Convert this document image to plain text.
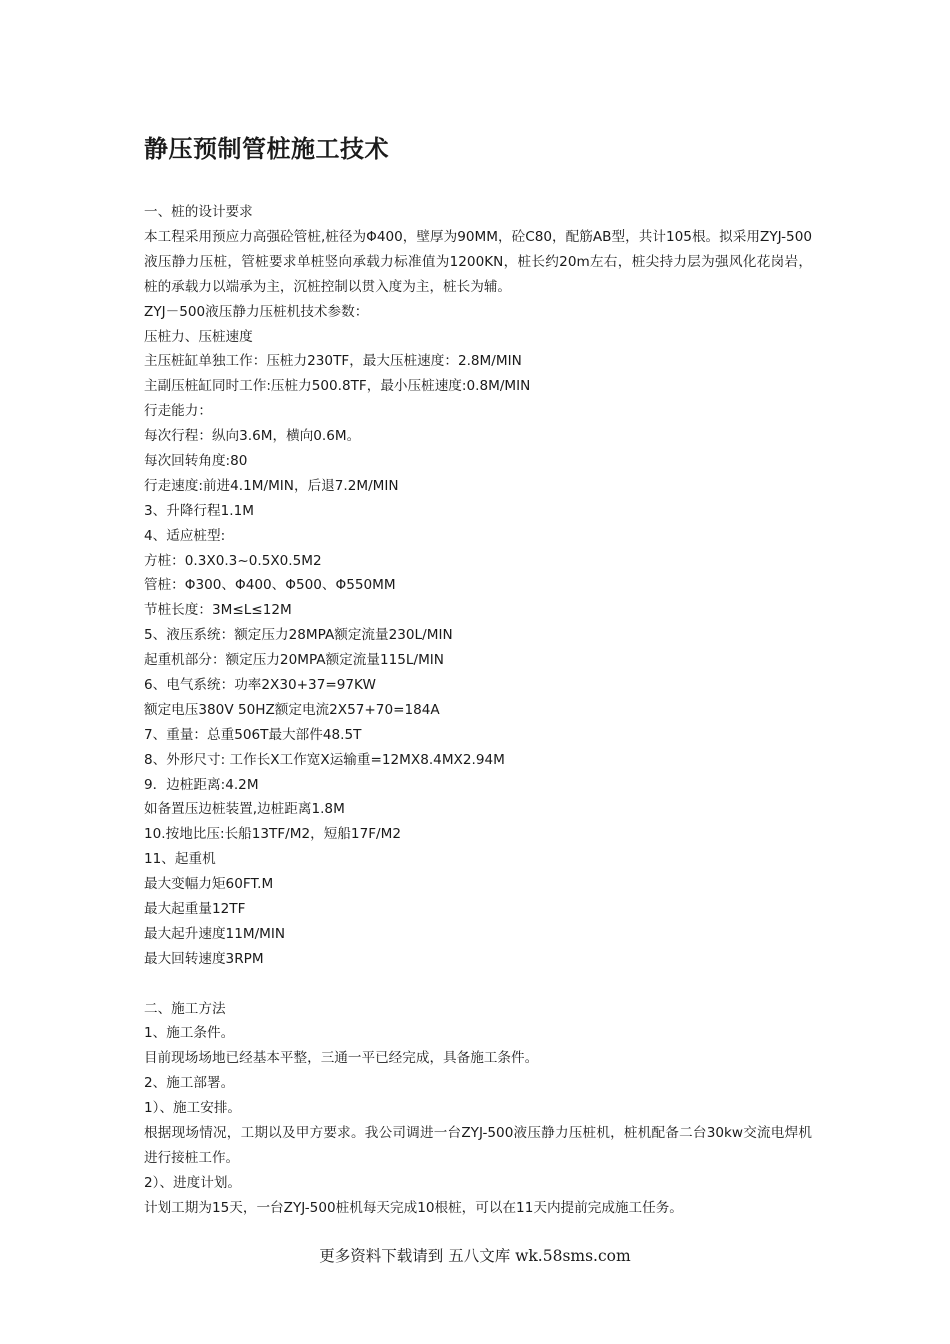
静压预制管桩施工技术
一、桩的设计要求
本工程采用预应力高强砼管桩,桩径为Φ400，壁厚为90MM，砼C80，配筋AB型，共计105根。拟采用ZYJ-500液压静力压桩，管桩要求单桩竖向承载力标准值为1200KN，桩长约20m左右，桩尖持力层为强风化花岗岩，桩的承载力以端承为主，沉桩控制以贯入度为主，桩长为辅。
ZYJ－500液压静力压桩机技术参数：
压桩力、压桩速度
主压桩缸单独工作：压桩力230TF，最大压桩速度：2.8M/MIN
主副压桩缸同时工作:压桩力500.8TF，最小压桩速度:0.8M/MIN
行走能力：
每次行程：纵向3.6M，横向0.6M。
每次回转角度:80
行走速度:前进4.1M/MIN，后退7.2M/MIN
3、升降行程1.1M
4、适应桩型:
方桩：0.3X0.3~0.5X0.5M2
管桩：Φ300、Φ400、Φ500、Φ550MM
节桩长度：3M≤L≤12M
5、液压系统：额定压力28MPA额定流量230L/MIN
起重机部分：额定压力20MPA额定流量115L/MIN
6、电气系统：功率2X30+37=97KW
额定电压380V 50HZ额定电流2X57+70=184A
7、重量：总重506T最大部件48.5T
8、外形尺寸: 工作长X工作宽X运输重=12MX8.4MX2.94M
9．边桩距离:4.2M
如备置压边桩装置,边桩距离1.8M
10.按地比压:长船13TF/M2，短船17F/M2
11、起重机
最大变幅力矩60FT.M
最大起重量12TF
最大起升速度11M/MIN
最大回转速度3RPM
二、施工方法
1、施工条件。
目前现场场地已经基本平整，三通一平已经完成，具备施工条件。
2、施工部署。
1）、施工安排。
根据现场情况，工期以及甲方要求。我公司调进一台ZYJ-500液压静力压桩机，桩机配备二台30kw交流电焊机进行接桩工作。
2）、进度计划。
计划工期为15天，一台ZYJ-500桩机每天完成10根桩，可以在11天内提前完成施工任务。
更多资料下载请到 五八文库 wk.58sms.com
